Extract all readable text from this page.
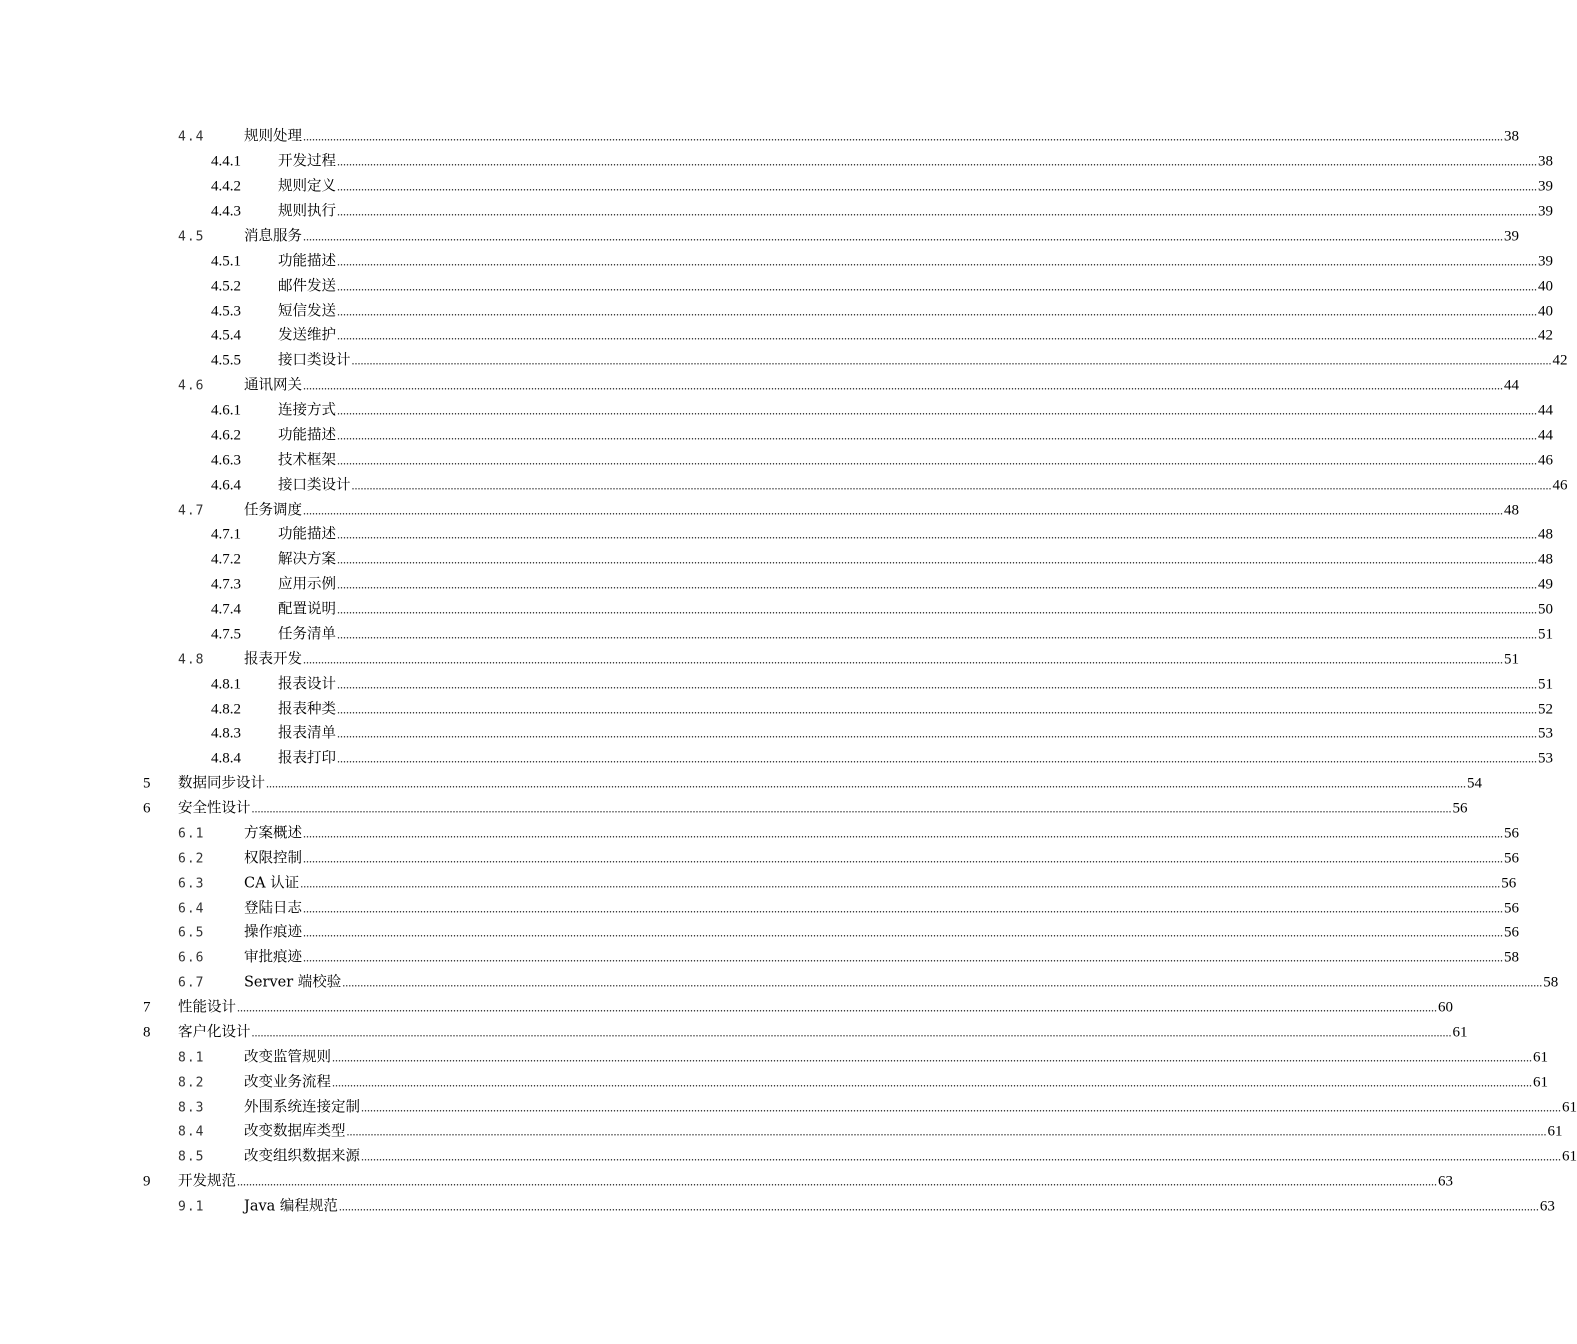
4.4	规则处理 ................................................................................................................................................................................................................................................................................................................................................................................................................ 38
4.4.1	开发过程 ................................................................................................................................................................................................................................................................................................................................................................................................................ 38
4.4.2	规则定义 ................................................................................................................................................................................................................................................................................................................................................................................................................ 39
4.4.3	规则执行 ................................................................................................................................................................................................................................................................................................................................................................................................................ 39
4.5	消息服务 ................................................................................................................................................................................................................................................................................................................................................................................................................ 39
4.5.1	功能描述 ................................................................................................................................................................................................................................................................................................................................................................................................................ 39
4.5.2	邮件发送 ................................................................................................................................................................................................................................................................................................................................................................................................................ 40
4.5.3	短信发送 ................................................................................................................................................................................................................................................................................................................................................................................................................ 40
4.5.4	发送维护 ................................................................................................................................................................................................................................................................................................................................................................................................................ 42
4.5.5	接口类设计 ................................................................................................................................................................................................................................................................................................................................................................................................................ 42
4.6	通讯网关 ................................................................................................................................................................................................................................................................................................................................................................................................................ 44
4.6.1	连接方式 ................................................................................................................................................................................................................................................................................................................................................................................................................ 44
4.6.2	功能描述 ................................................................................................................................................................................................................................................................................................................................................................................................................ 44
4.6.3	技术框架 ................................................................................................................................................................................................................................................................................................................................................................................................................ 46
4.6.4	接口类设计 ................................................................................................................................................................................................................................................................................................................................................................................................................ 46
4.7	任务调度 ................................................................................................................................................................................................................................................................................................................................................................................................................ 48
4.7.1	功能描述 ................................................................................................................................................................................................................................................................................................................................................................................................................ 48
4.7.2	解决方案 ................................................................................................................................................................................................................................................................................................................................................................................................................ 48
4.7.3	应用示例 ................................................................................................................................................................................................................................................................................................................................................................................................................ 49
4.7.4	配置说明 ................................................................................................................................................................................................................................................................................................................................................................................................................ 50
4.7.5	任务清单 ................................................................................................................................................................................................................................................................................................................................................................................................................ 51
4.8	报表开发 ................................................................................................................................................................................................................................................................................................................................................................................................................ 51
4.8.1	报表设计 ................................................................................................................................................................................................................................................................................................................................................................................................................ 51
4.8.2	报表种类 ................................................................................................................................................................................................................................................................................................................................................................................................................ 52
4.8.3	报表清单 ................................................................................................................................................................................................................................................................................................................................................................................................................ 53
4.8.4	报表打印 ................................................................................................................................................................................................................................................................................................................................................................................................................ 53
5 数据同步设计 ................................................................................................................................................................................................................................................................................................................................................................................................................ 54
6 安全性设计 ................................................................................................................................................................................................................................................................................................................................................................................................................ 56
6.1	方案概述 ................................................................................................................................................................................................................................................................................................................................................................................................................ 56
6.2	权限控制 ................................................................................................................................................................................................................................................................................................................................................................................................................ 56
6.3	CA 认证 ................................................................................................................................................................................................................................................................................................................................................................................................................ 56
6.4	登陆日志 ................................................................................................................................................................................................................................................................................................................................................................................................................ 56
6.5	操作痕迹 ................................................................................................................................................................................................................................................................................................................................................................................................................ 56
6.6	审批痕迹 ................................................................................................................................................................................................................................................................................................................................................................................................................ 58
6.7	Server 端校验 ................................................................................................................................................................................................................................................................................................................................................................................................................ 58
7 性能设计 ................................................................................................................................................................................................................................................................................................................................................................................................................ 60
8 客户化设计 ................................................................................................................................................................................................................................................................................................................................................................................................................ 61
8.1	改变监管规则 ................................................................................................................................................................................................................................................................................................................................................................................................................ 61
8.2	改变业务流程 ................................................................................................................................................................................................................................................................................................................................................................................................................ 61
8.3	外围系统连接定制 ................................................................................................................................................................................................................................................................................................................................................................................................................ 61
8.4	改变数据库类型 ................................................................................................................................................................................................................................................................................................................................................................................................................ 61
8.5	改变组织数据来源 ................................................................................................................................................................................................................................................................................................................................................................................................................ 61
9 开发规范 ................................................................................................................................................................................................................................................................................................................................................................................................................ 63
9.1	Java 编程规范 ................................................................................................................................................................................................................................................................................................................................................................................................................ 63
